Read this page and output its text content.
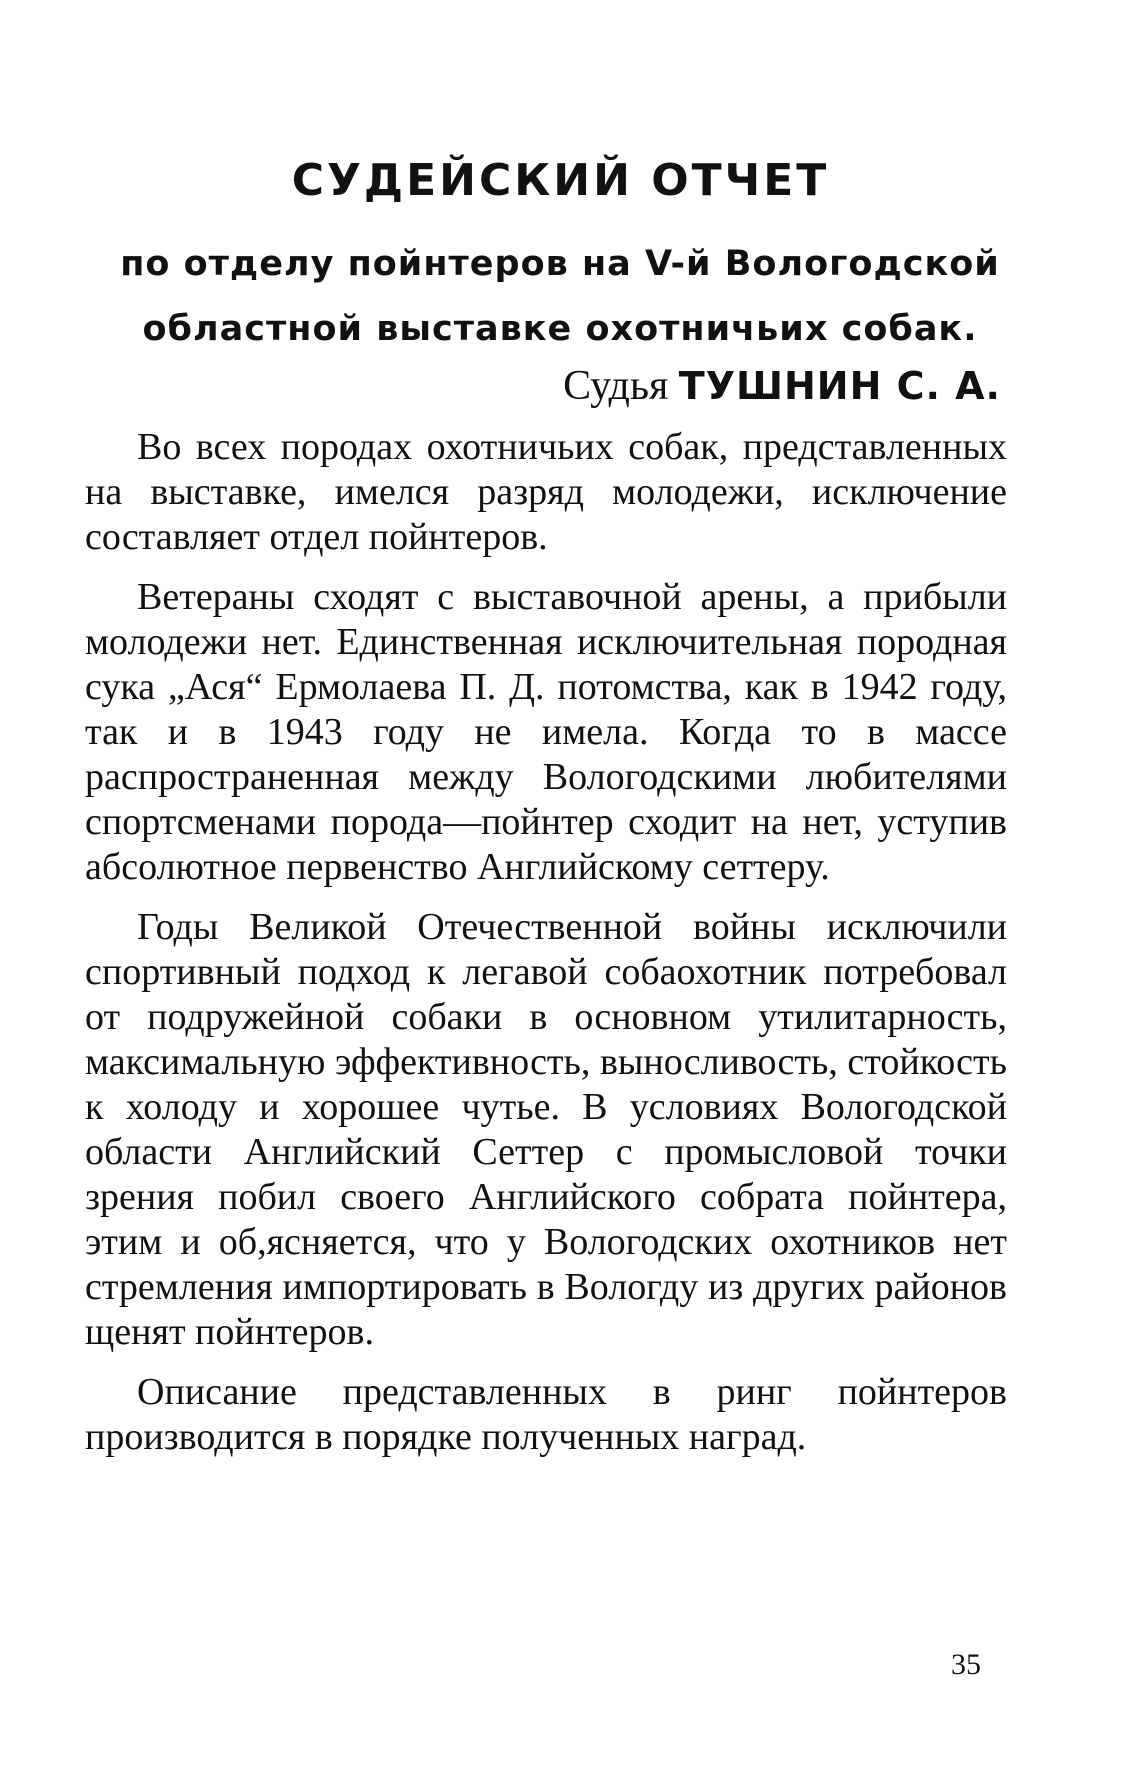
СУДЕЙСКИЙ ОТЧЕТ
по отделу пойнтеров на V-й Вологодской областной выставке охотничьих собак.
Судья ТУШНИН С. А.

Во всех породах охотничьих собак, представленных на выставке, имелся разряд молодежи, исключение составляет отдел пойнтеров.

Ветераны сходят с выставочной арены, а прибыли молодежи нет. Единственная исключительная породная сука „Ася“ Ермолаева П. Д. потомства, как в 1942 году, так и в 1943 году не имела. Когда то в массе распространенная между Вологодскими любителями спортсменами порода—пойнтер сходит на нет, уступив абсолютное первенство Английскому сеттеру.

Годы Великой Отечественной войны исключили спортивный подход к легавой собаохотник потребовал от подружейной собаки в основном утилитарность, максимальную эффективность, выносливость, стойкость к холоду и хорошее чутье. В условиях Вологодской области Английский Сеттер с промысловой точки зрения побил своего Английского собрата пойнтера, этим и об,ясняется, что у Вологодских охотников нет стремления импортировать в Вологду из других районов щенят пойнтеров.

Описание представленных в ринг пойнтеров производится в порядке полученных наград.

35
